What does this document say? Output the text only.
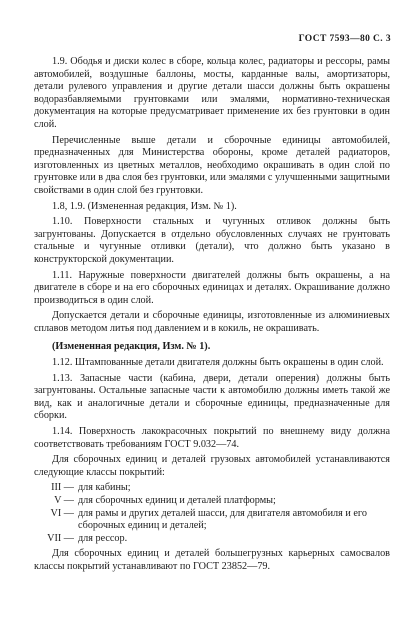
ГОСТ 7593—80 С. 3

1.9. Ободья и диски колес в сборе, кольца колес, радиаторы и рессоры, рамы автомобилей, воздушные баллоны, мосты, карданные валы, амортизаторы, детали рулевого управления и другие детали шасси должны быть окрашены водоразбавляемыми грунтовками или эмалями, нормативно-техническая документация на которые предусматривает применение их без грунтовки в один слой.

Перечисленные выше детали и сборочные единицы автомобилей, предназначенных для Министерства обороны, кроме деталей радиаторов, изготовленных из цветных металлов, необходимо окрашивать в один слой по грунтовке или в два слоя без грунтовки, или эмалями с улучшенными защитными свойствами в один слой без грунтовки.

1.8, 1.9. (Измененная редакция, Изм. № 1).

1.10. Поверхности стальных и чугунных отливок должны быть загрунтованы. Допускается в отдельно обусловленных случаях не грунтовать стальные и чугунные отливки (детали), что должно быть указано в конструкторской документации.

1.11. Наружные поверхности двигателей должны быть окрашены, а на двигателе в сборе и на его сборочных единицах и деталях. Окрашивание должно производиться в один слой.

Допускается детали и сборочные единицы, изготовленные из алюминиевых сплавов методом литья под давлением и в кокиль, не окрашивать.

(Измененная редакция, Изм. № 1).

1.12. Штампованные детали двигателя должны быть окрашены в один слой.

1.13. Запасные части (кабина, двери, детали оперения) должны быть загрунтованы. Остальные запасные части к автомобилю должны иметь такой же вид, как и аналогичные детали и сборочные единицы, предназначенные для сборки.

1.14. Поверхность лакокрасочных покрытий по внешнему виду должна соответствовать требованиям ГОСТ 9.032—74.

Для сборочных единиц и деталей грузовых автомобилей устанавливаются следующие классы покрытий:

III — для кабины;
V — для сборочных единиц и деталей платформы;
VI — для рамы и других деталей шасси, для двигателя автомобиля и его сборочных единиц и деталей;
VII — для рессор.

Для сборочных единиц и деталей большегрузных карьерных самосвалов классы покрытий устанавливают по ГОСТ 23852—79.
